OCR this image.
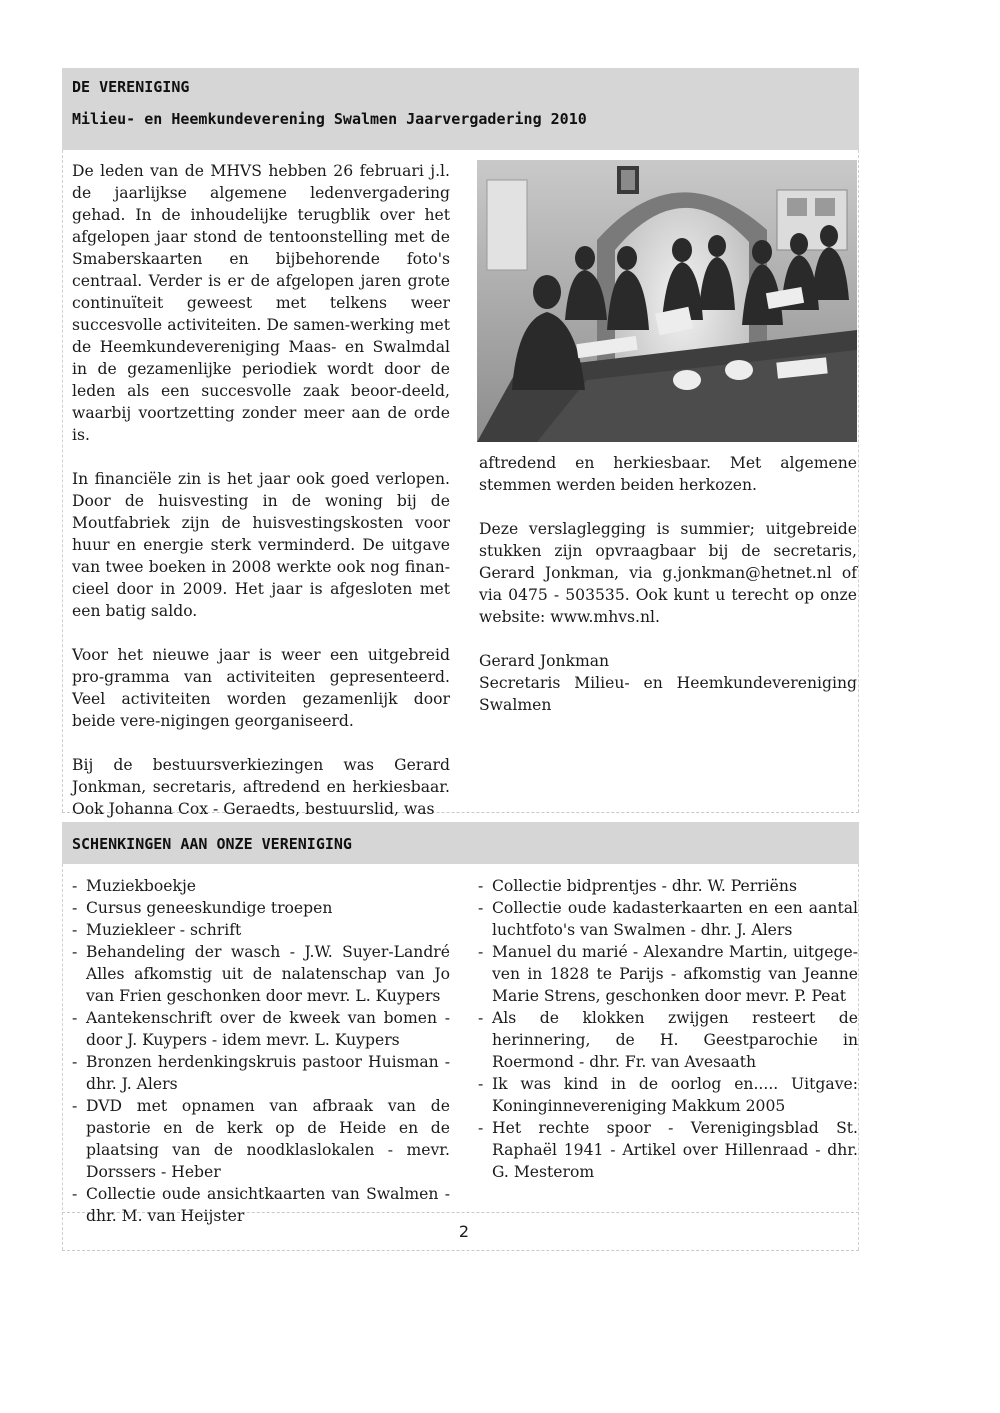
DE VERENIGING
Milieu- en Heemkundeverening Swalmen Jaarvergadering 2010

De leden van de MHVS hebben 26 februari j.l. de jaarlijkse algemene ledenvergadering gehad. In de inhoudelijke terugblik over het afgelopen jaar stond de tentoonstelling met de Smaberskaarten en bijbehorende foto's centraal. Verder is er de afgelopen jaren grote continuïteit geweest met telkens weer succesvolle activiteiten. De samen-werking met de Heemkundevereniging Maas- en Swalmdal in de gezamenlijke periodiek wordt door de leden als een succesvolle zaak beoor-deeld, waarbij voortzetting zonder meer aan de orde is.

In financiële zin is het jaar ook goed verlopen. Door de huisvesting in de woning bij de Moutfabriek zijn de huisvestingskosten voor huur en energie sterk verminderd. De uitgave van twee boeken in 2008 werkte ook nog finan-cieel door in 2009. Het jaar is afgesloten met een batig saldo.

Voor het nieuwe jaar is weer een uitgebreid pro-gramma van activiteiten gepresenteerd. Veel activiteiten worden gezamenlijk door beide vere-nigingen georganiseerd.

Bij de bestuursverkiezingen was Gerard Jonkman, secretaris, aftredend en herkiesbaar. Ook Johanna Cox - Geraedts, bestuurslid, was

aftredend en herkiesbaar. Met algemene stemmen werden beiden herkozen.

Deze verslaglegging is summier; uitgebreide stukken zijn opvraagbaar bij de secretaris, Gerard Jonkman, via g.jonkman@hetnet.nl of via 0475 - 503535. Ook kunt u terecht op onze website: www.mhvs.nl.

Gerard Jonkman
Secretaris Milieu- en Heemkundevereniging Swalmen

SCHENKINGEN AAN ONZE VERENIGING
- Muziekboekje
- Cursus geneeskundige troepen
- Muziekleer - schrift
- Behandeling der wasch - J.W. Suyer-Landré Alles afkomstig uit de nalatenschap van Jo van Frien geschonken door mevr. L. Kuypers
- Aantekenschrift over de kweek van bomen - door J. Kuypers - idem mevr. L. Kuypers
- Bronzen herdenkingskruis pastoor Huisman - dhr. J. Alers
- DVD met opnamen van afbraak van de pastorie en de kerk op de Heide en de plaatsing van de noodklaslokalen - mevr. Dorssers - Heber
- Collectie oude ansichtkaarten van Swalmen - dhr. M. van Heijster
- Collectie bidprentjes - dhr. W. Perriëns
- Collectie oude kadasterkaarten en een aantal luchtfoto's van Swalmen - dhr. J. Alers
- Manuel du marié - Alexandre Martin, uitgege-ven in 1828 te Parijs - afkomstig van Jeanne Marie Strens, geschonken door mevr. P. Peat
- Als de klokken zwijgen resteert de herinnering, de H. Geestparochie in Roermond - dhr. Fr. van Avesaath
- Ik was kind in de oorlog en..... Uitgave: Koninginnevereniging Makkum 2005
- Het rechte spoor - Verenigingsblad St. Raphaël 1941 - Artikel over Hillenraad - dhr. G. Mesterom
2
